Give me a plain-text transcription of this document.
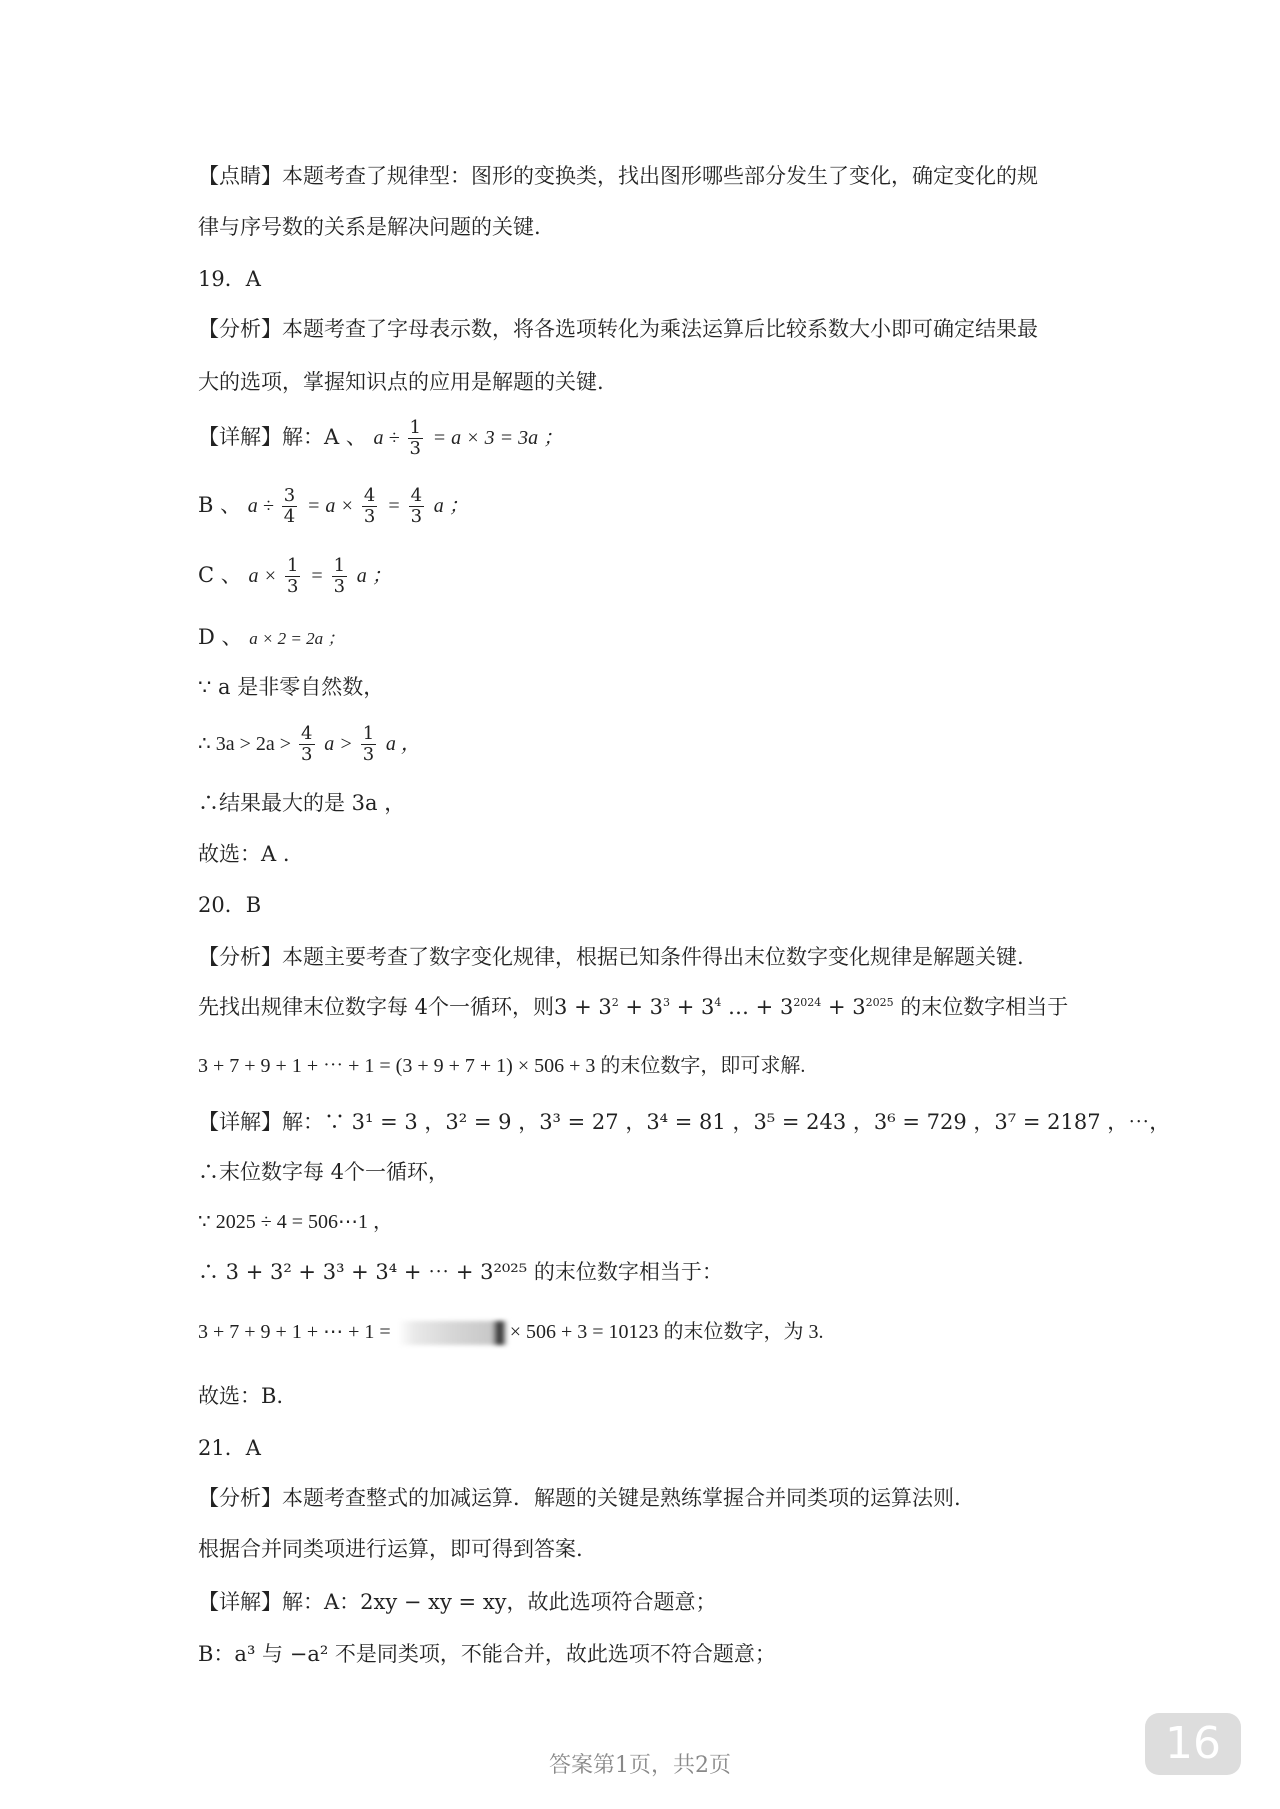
【点睛】本题考查了规律型：图形的变换类，找出图形哪些部分发生了变化，确定变化的规
律与序号数的关系是解决问题的关键.
19．A
【分析】本题考查了字母表示数，将各选项转化为乘法运算后比较系数大小即可确定结果最
大的选项，掌握知识点的应用是解题的关键.
【详解】解：A 、 $a \div \frac{1}{3} = a \times 3 = 3a$ ；
B 、 $a \div \frac{3}{4} = a \times \frac{4}{3} = \frac{4}{3}$ a ；
C 、 $a \times \frac{1}{3} = \frac{1}{3}$ a ；
D 、 a × 2 = 2a ；
∵ a 是非零自然数，
∴ $3a > 2a > \frac{4}{3}$ $a > \frac{1}{3}$ a ，
∴结果最大的是 3a ，
故选：A .
20．B
【分析】本题主要考查了数字变化规律，根据已知条件得出末位数字变化规律是解题关键.
先找出规律末位数字每 4个一循环，则$3 + 3^2 + 3^3 + 3^4$ … + $3^{2024} + 3^{2025}$ 的末位数字相当于
3 + 7 + 9 + 1 + ⋯ + 1 = (3 + 9 + 7 + 1) × 506 + 3 的末位数字，即可求解.
【详解】解：∵ 3¹ = 3 ，3² = 9 ，3³ = 27 ，3⁴ = 81 ，3⁵ = 243 ，3⁶ = 729 ，3⁷ = 2187 ，⋯，
∴末位数字每 4个一循环，
∵ 2025 ÷ 4 = 506⋯1 ，
∴ 3 + 3² + 3³ + 3⁴ + ⋯ + 3²⁰²⁵ 的末位数字相当于：
3 + 7 + 9 + 1 + ⋯ + 1 =	× 506 + 3 = 10123 的末位数字，为 3.
故选：B.
21．A
【分析】本题考查整式的加减运算．解题的关键是熟练掌握合并同类项的运算法则.
根据合并同类项进行运算，即可得到答案.
【详解】解：A：2xy − xy = xy，故此选项符合题意；
B：a³ 与 −a² 不是同类项，不能合并，故此选项不符合题意；
答案第1页，共2页	16
